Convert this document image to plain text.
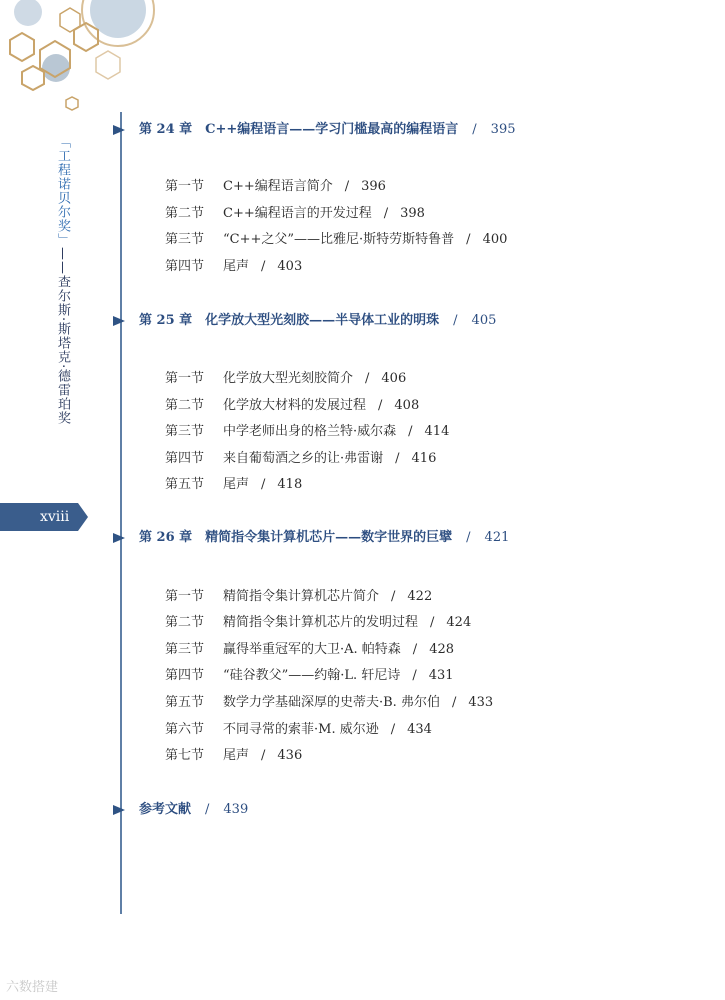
「工程诺贝尔奖」——查尔斯·斯塔克·德雷珀奖
xviii
第 24 章　C++编程语言——学习门槛最高的编程语言 / 395
第一节 C++编程语言简介 / 396
第二节 C++编程语言的开发过程 / 398
第三节 “C++之父”——比雅尼·斯特劳斯特鲁普 / 400
第四节 尾声 / 403
第 25 章　化学放大型光刻胶——半导体工业的明珠 / 405
第一节 化学放大型光刻胶简介 / 406
第二节 化学放大材料的发展过程 / 408
第三节 中学老师出身的格兰特·威尔森 / 414
第四节 来自葡萄酒之乡的让·弗雷谢 / 416
第五节 尾声 / 418
第 26 章　精简指令集计算机芯片——数字世界的巨擘 / 421
第一节 精简指令集计算机芯片简介 / 422
第二节 精简指令集计算机芯片的发明过程 / 424
第三节 赢得举重冠军的大卫·A. 帕特森 / 428
第四节 “硅谷教父”——约翰·L. 轩尼诗 / 431
第五节 数学力学基础深厚的史蒂夫·B. 弗尔伯 / 433
第六节 不同寻常的索菲·M. 威尔逊 / 434
第七节 尾声 / 436
参考文献 / 439
六数搭建
